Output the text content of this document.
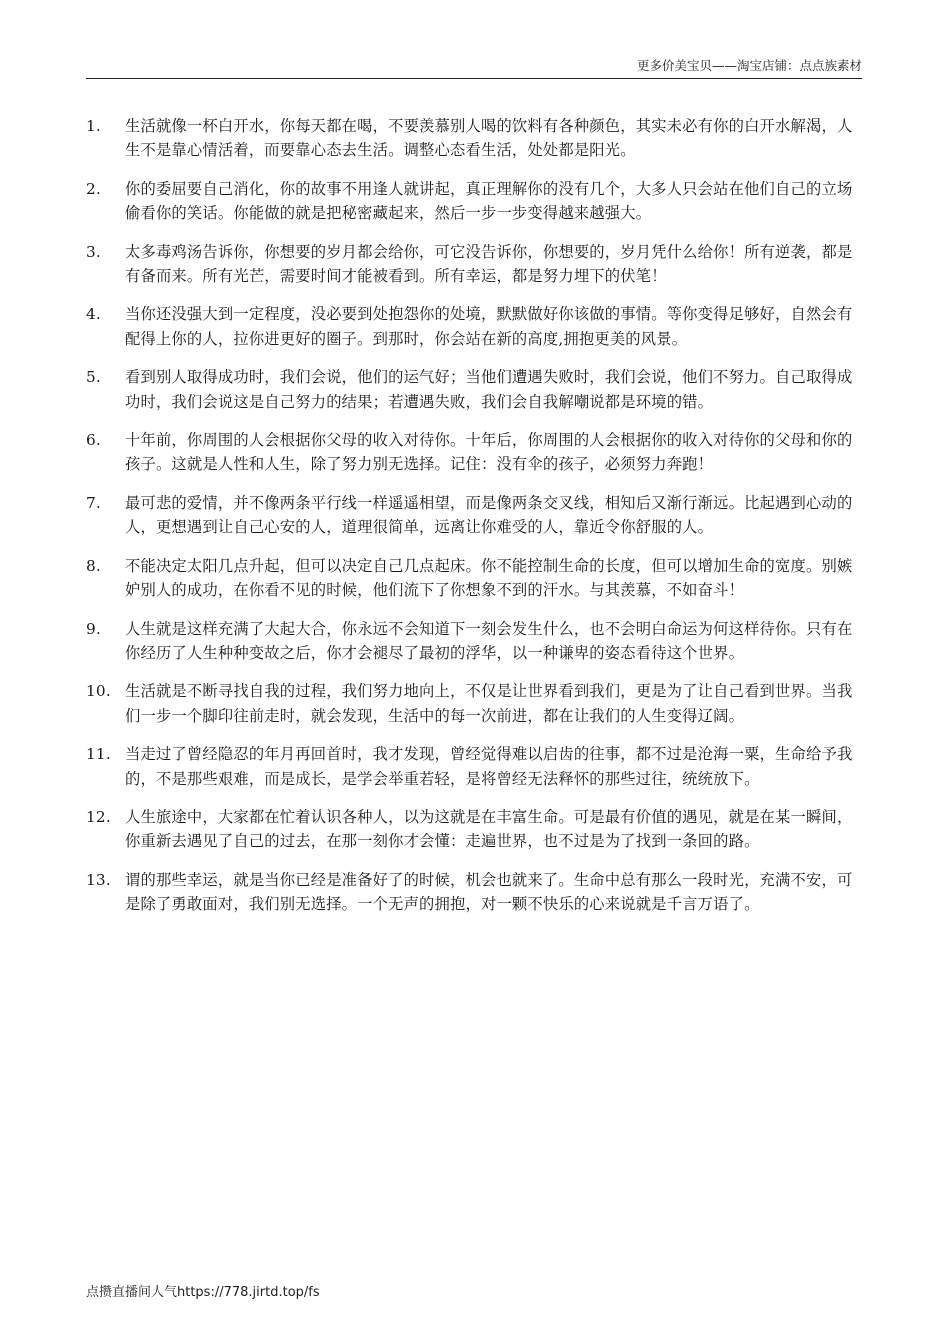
更多价美宝贝——淘宝店铺：点点族素材
1.	生活就像一杯白开水，你每天都在喝，不要羡慕别人喝的饮料有各种颜色，其实未必有你的白开水解渴，人生不是靠心情活着，而要靠心态去生活。调整心态看生活，处处都是阳光。
2.	你的委屈要自己消化，你的故事不用逢人就讲起，真正理解你的没有几个，大多人只会站在他们自己的立场偷看你的笑话。你能做的就是把秘密藏起来，然后一步一步变得越来越强大。
3.	太多毒鸡汤告诉你，你想要的岁月都会给你，可它没告诉你，你想要的，岁月凭什么给你！所有逆袭，都是有备而来。所有光芒，需要时间才能被看到。所有幸运，都是努力埋下的伏笔！
4.	当你还没强大到一定程度，没必要到处抱怨你的处境，默默做好你该做的事情。等你变得足够好，自然会有配得上你的人，拉你进更好的圈子。到那时，你会站在新的高度,拥抱更美的风景。
5.	看到别人取得成功时，我们会说，他们的运气好；当他们遭遇失败时，我们会说，他们不努力。自己取得成功时，我们会说这是自己努力的结果；若遭遇失败，我们会自我解嘲说都是环境的错。
6.	十年前，你周围的人会根据你父母的收入对待你。十年后，你周围的人会根据你的收入对待你的父母和你的孩子。这就是人性和人生，除了努力别无选择。记住：没有伞的孩子，必须努力奔跑！
7.	最可悲的爱情，并不像两条平行线一样遥遥相望，而是像两条交叉线，相知后又渐行渐远。比起遇到心动的人，更想遇到让自己心安的人，道理很简单，远离让你难受的人，靠近令你舒服的人。
8.	不能决定太阳几点升起，但可以决定自己几点起床。你不能控制生命的长度，但可以增加生命的宽度。别嫉妒别人的成功，在你看不见的时候，他们流下了你想象不到的汗水。与其羡慕，不如奋斗！
9.	人生就是这样充满了大起大合，你永远不会知道下一刻会发生什么，也不会明白命运为何这样待你。只有在你经历了人生种种变故之后，你才会褪尽了最初的浮华，以一种谦卑的姿态看待这个世界。
10. 生活就是不断寻找自我的过程，我们努力地向上，不仅是让世界看到我们，更是为了让自己看到世界。当我们一步一个脚印往前走时，就会发现，生活中的每一次前进，都在让我们的人生变得辽阔。
11. 当走过了曾经隐忍的年月再回首时，我才发现，曾经觉得难以启齿的往事，都不过是沧海一粟，生命给予我的，不是那些艰难，而是成长，是学会举重若轻，是将曾经无法释怀的那些过往，统统放下。
12. 人生旅途中，大家都在忙着认识各种人，以为这就是在丰富生命。可是最有价值的遇见，就是在某一瞬间，你重新去遇见了自己的过去，在那一刻你才会懂：走遍世界，也不过是为了找到一条回的路。
13. 谓的那些幸运，就是当你已经是准备好了的时候，机会也就来了。生命中总有那么一段时光，充满不安，可是除了勇敢面对，我们别无选择。一个无声的拥抱，对一颗不快乐的心来说就是千言万语了。
点攒直播间人气https://778.jirtd.top/fs
